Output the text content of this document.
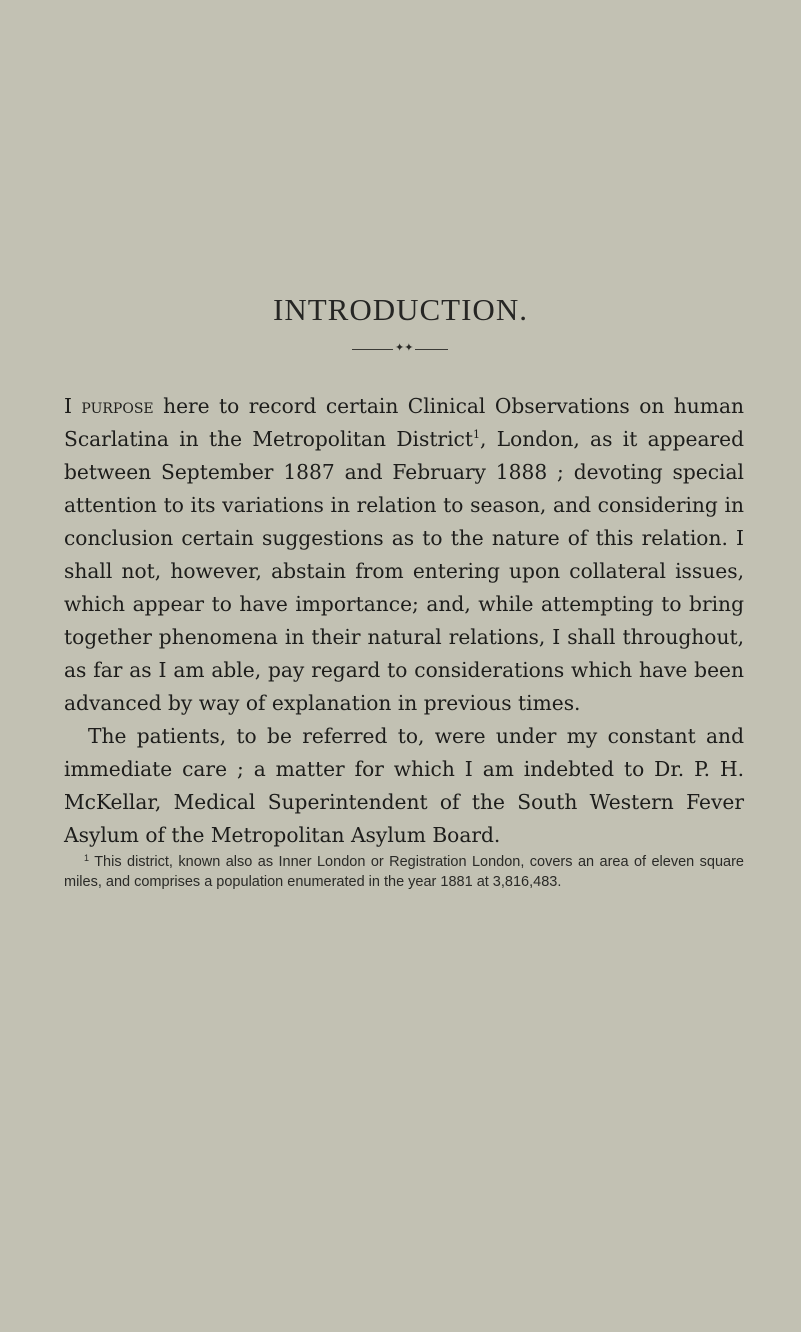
INTRODUCTION.
✦✦

I purpose here to record certain Clinical Observations on human Scarlatina in the Metropolitan District$^1$, London, as it appeared between September 1887 and February 1888 ; devoting special attention to its variations in relation to season, and considering in conclusion certain suggestions as to the nature of this relation. I shall not, however, abstain from entering upon collateral issues, which appear to have importance; and, while attempting to bring together phenomena in their natural relations, I shall throughout, as far as I am able, pay regard to considerations which have been advanced by way of explanation in previous times.

The patients, to be referred to, were under my constant and immediate care ; a matter for which I am indebted to Dr. P. H. McKellar, Medical Superintendent of the South Western Fever Asylum of the Metropolitan Asylum Board.

$^1$ This district, known also as Inner London or Registration London, covers an area of eleven square miles, and comprises a population enumerated in the year 1881 at 3,816,483.
